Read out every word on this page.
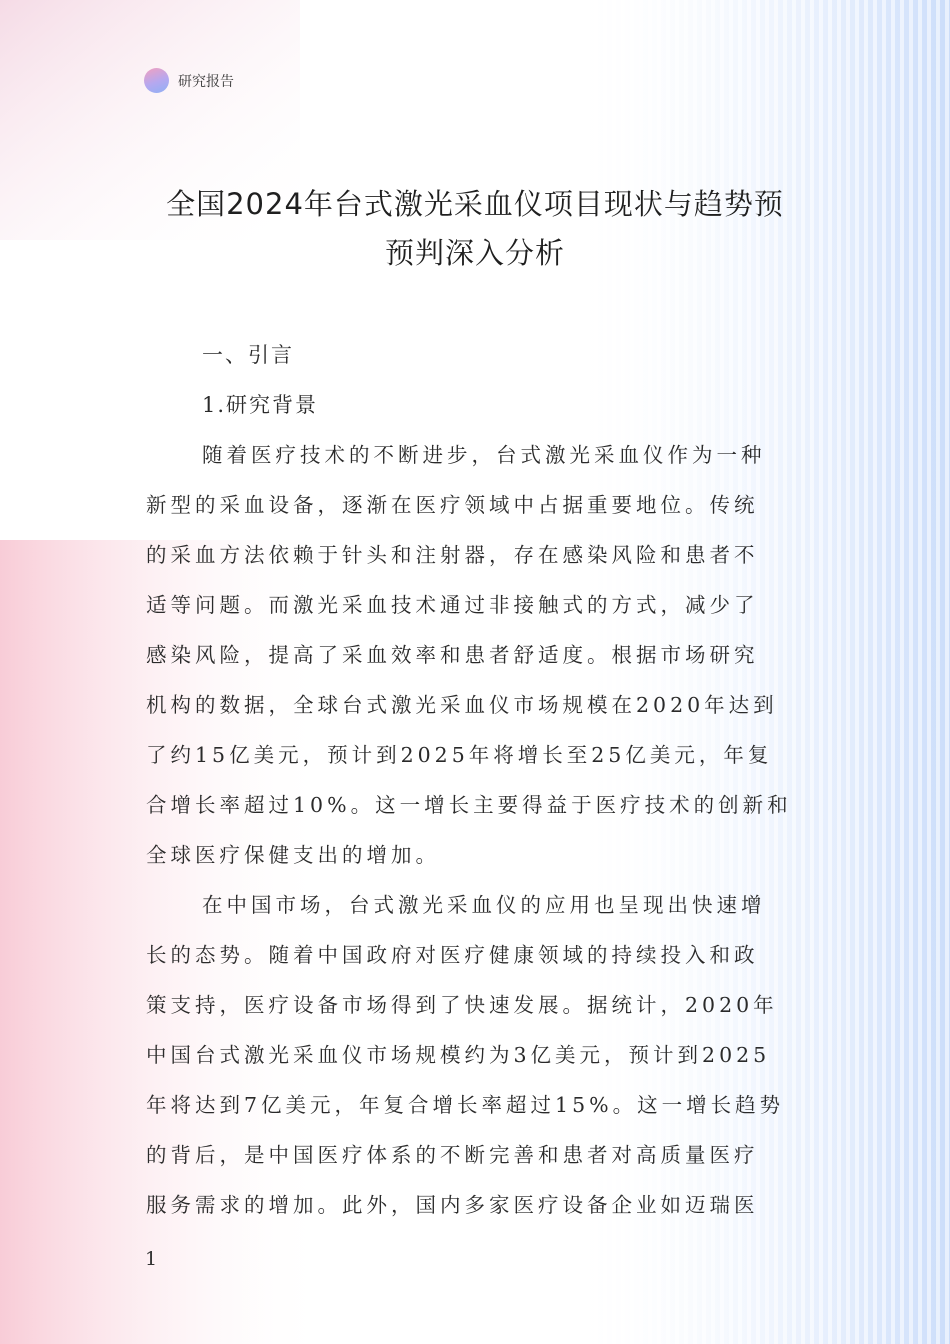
研究报告
全国2024年台式激光采血仪项目现状与趋势预
预判深入分析
一、引言
1.研究背景
随着医疗技术的不断进步，台式激光采血仪作为一种
新型的采血设备，逐渐在医疗领域中占据重要地位。传统
的采血方法依赖于针头和注射器，存在感染风险和患者不
适等问题。而激光采血技术通过非接触式的方式，减少了
感染风险，提高了采血效率和患者舒适度。根据市场研究
机构的数据，全球台式激光采血仪市场规模在2020年达到
了约15亿美元，预计到2025年将增长至25亿美元，年复
合增长率超过10%。这一增长主要得益于医疗技术的创新和
全球医疗保健支出的增加。
在中国市场，台式激光采血仪的应用也呈现出快速增
长的态势。随着中国政府对医疗健康领域的持续投入和政
策支持，医疗设备市场得到了快速发展。据统计，2020年
中国台式激光采血仪市场规模约为3亿美元，预计到2025
年将达到7亿美元，年复合增长率超过15%。这一增长趋势
的背后，是中国医疗体系的不断完善和患者对高质量医疗
服务需求的增加。此外，国内多家医疗设备企业如迈瑞医
1
